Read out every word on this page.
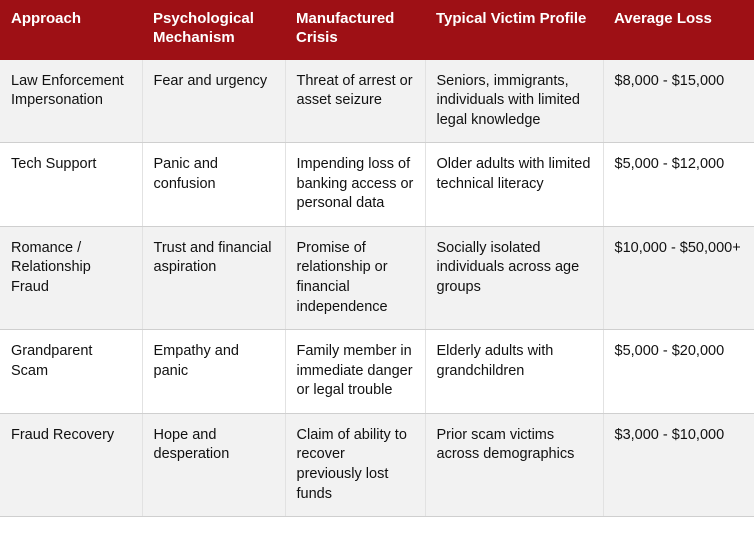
Approach	Psychological Mechanism	Manufactured Crisis	Typical Victim Profile	Average Loss
Law Enforcement Impersonation	Fear and urgency	Threat of arrest or asset seizure	Seniors, immigrants, individuals with limited legal knowledge	$8,000 - $15,000
Tech Support	Panic and confusion	Impending loss of banking access or personal data	Older adults with limited technical literacy	$5,000 - $12,000
Romance / Relationship Fraud	Trust and financial aspiration	Promise of relationship or financial independence	Socially isolated individuals across age groups	$10,000 - $50,000+
Grandparent Scam	Empathy and panic	Family member in immediate danger or legal trouble	Elderly adults with grandchildren	$5,000 - $20,000
Fraud Recovery	Hope and desperation	Claim of ability to recover previously lost funds	Prior scam victims across demographics	$3,000 - $10,000
